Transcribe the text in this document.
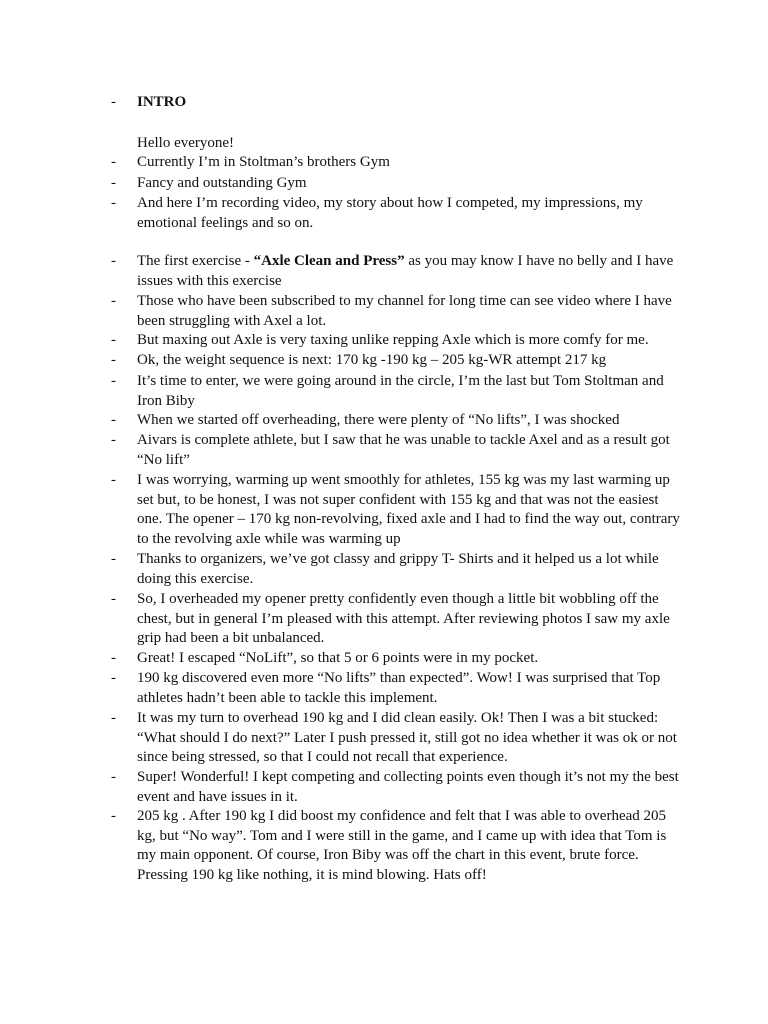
- INTRO

Hello everyone!

- Currently I’m in Stoltman’s brothers Gym

- Fancy and outstanding Gym

- And here I’m recording video, my story about how I competed, my impressions, my emotional feelings and so on.

- The first exercise - “Axle Clean and Press” as you may know I have no belly and I have issues with this exercise

- Those who have been subscribed to my channel for long time can see video where I have been struggling with Axel a lot.

- But maxing out Axle is very taxing unlike repping Axle which is more comfy for me.

- Ok, the weight sequence is next: 170 kg -190 kg – 205 kg-WR attempt 217 kg

- It’s time to enter, we were going around in the circle, I’m the last but Tom Stoltman and Iron Biby

- When we started off overheading, there were plenty of “No lifts”, I was shocked

- Aivars is complete athlete, but I saw that he was unable to tackle Axel and as a result got “No lift”

- I was worrying, warming up went smoothly for athletes, 155 kg was my last warming up set but, to be honest, I was not super confident with 155 kg and that was not the easiest one. The opener – 170 kg non-revolving, fixed axle and I had to find the way out, contrary to the revolving axle while was warming up

- Thanks to organizers, we’ve got classy and grippy T- Shirts and it helped us a lot while doing this exercise.

- So, I overheaded my opener pretty confidently even though a little bit wobbling off the chest, but in general I’m pleased with this attempt. After reviewing photos I saw my axle grip had been a bit unbalanced.

- Great! I escaped “NoLift”, so that 5 or 6 points were in my pocket.

- 190 kg discovered even more “No lifts” than expected”. Wow! I was surprised that Top athletes hadn’t been able to tackle this implement.

- It was my turn to overhead 190 kg and I did clean easily. Ok! Then I was a bit stucked: “What should I do next?” Later I push pressed it, still got no idea whether it was ok or not since being stressed, so that I could not recall that experience.

- Super! Wonderful! I kept competing and collecting points even though it’s not my the best event and have issues in it.

- 205 kg . After 190 kg I did boost my confidence and felt that I was able to overhead 205 kg, but “No way”. Tom and I were still in the game, and I came up with idea that Tom is my main opponent. Of course, Iron Biby was off the chart in this event, brute force. Pressing 190 kg like nothing, it is mind blowing. Hats off!
